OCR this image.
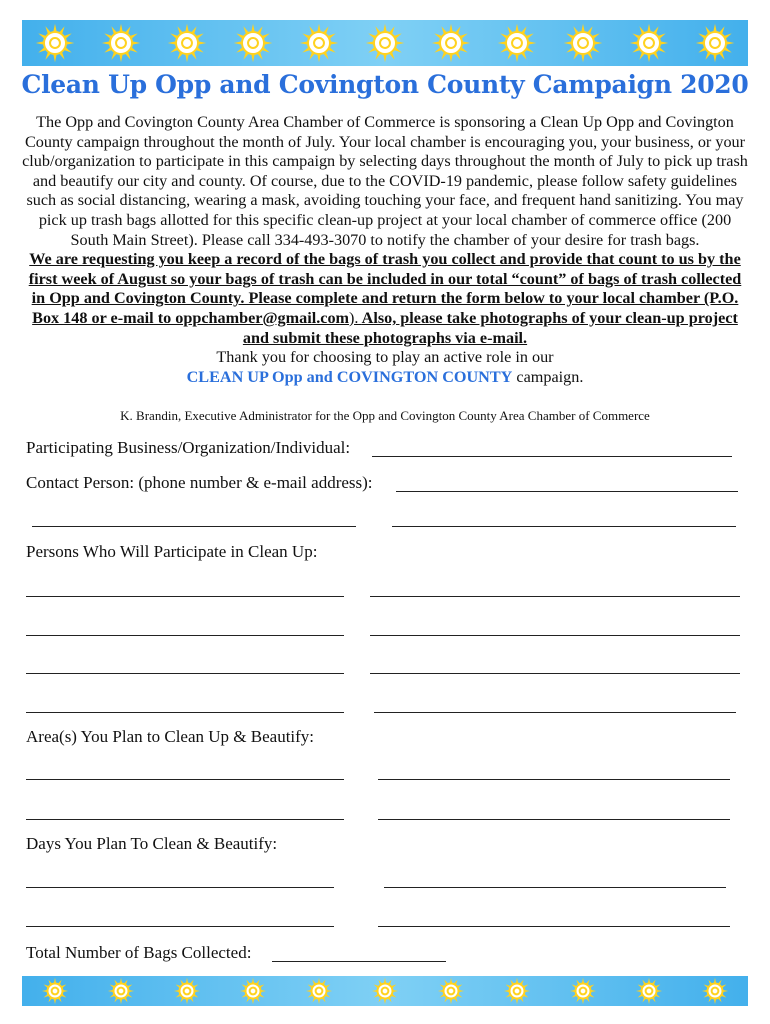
Clean Up Opp and Covington County Campaign 2020

The Opp and Covington County Area Chamber of Commerce is sponsoring a Clean Up Opp and Covington County campaign throughout the month of July. Your local chamber is encouraging you, your business, or your club/organization to participate in this campaign by selecting days throughout the month of July to pick up trash and beautify our city and county. Of course, due to the COVID-19 pandemic, please follow safety guidelines such as social distancing, wearing a mask, avoiding touching your face, and frequent hand sanitizing. You may pick up trash bags allotted for this specific clean-up project at your local chamber of commerce office (200 South Main Street). Please call 334-493-3070 to notify the chamber of your desire for trash bags.

We are requesting you keep a record of the bags of trash you collect and provide that count to us by the first week of August so your bags of trash can be included in our total “count” of bags of trash collected in Opp and Covington County. Please complete and return the form below to your local chamber (P.O. Box 148 or e-mail to oppchamber@gmail.com). Also, please take photographs of your clean-up project and submit these photographs via e-mail.

Thank you for choosing to play an active role in our

CLEAN UP Opp and COVINGTON COUNTY campaign.

K. Brandin, Executive Administrator for the Opp and Covington County Area Chamber of Commerce
Participating Business/Organization/Individual:
Contact Person: (phone number & e-mail address):
Persons Who Will Participate in Clean Up:
Area(s) You Plan to Clean Up & Beautify:
Days You Plan To Clean & Beautify:
Total Number of Bags Collected:
